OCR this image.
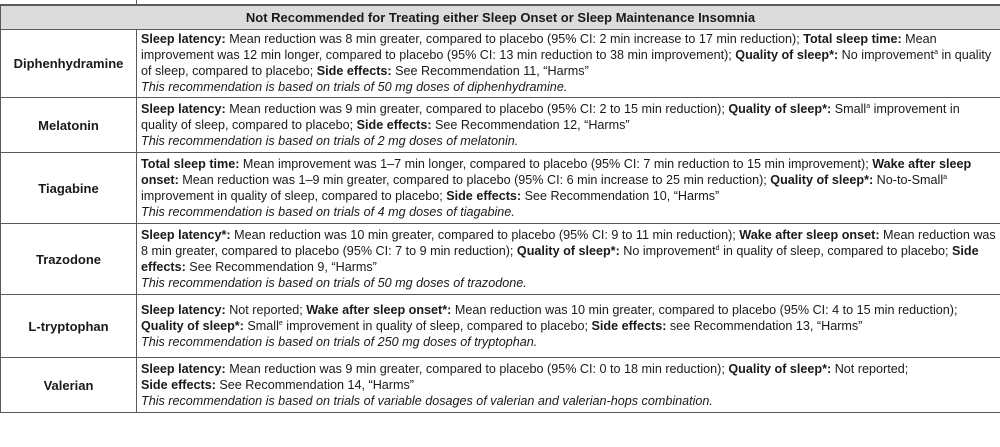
Not Recommended for Treating either Sleep Onset or Sleep Maintenance Insomnia	
Diphenhydramine	Sleep latency: Mean reduction was 8 min greater, compared to placebo (95% CI: 2 min increase to 17 min reduction); Total sleep time: Mean improvement was 12 min longer, compared to placebo (95% CI: 13 min reduction to 38 min improvement); Quality of sleep*: No improvement$^a$ in quality of sleep, compared to placebo; Side effects: See Recommendation 11, “Harms”
This recommendation is based on trials of 50 mg doses of diphenhydramine.

Melatonin	Sleep latency: Mean reduction was 9 min greater, compared to placebo (95% CI: 2 to 15 min reduction); Quality of sleep*: Small$^a$ improvement in quality of sleep, compared to placebo; Side effects: See Recommendation 12, “Harms”
This recommendation is based on trials of 2 mg doses of melatonin.

Tiagabine	Total sleep time: Mean improvement was 1–7 min longer, compared to placebo (95% CI: 7 min reduction to 15 min improvement); Wake after sleep onset: Mean reduction was 1–9 min greater, compared to placebo (95% CI: 6 min increase to 25 min reduction); Quality of sleep*: No-to-Small$^a$ improvement in quality of sleep, compared to placebo; Side effects: See Recommendation 10, “Harms”
This recommendation is based on trials of 4 mg doses of tiagabine.

Trazodone	Sleep latency*: Mean reduction was 10 min greater, compared to placebo (95% CI: 9 to 11 min reduction); Wake after sleep onset: Mean reduction was 8 min greater, compared to placebo (95% CI: 7 to 9 min reduction); Quality of sleep*: No improvement$^d$ in quality of sleep, compared to placebo; Side effects: See Recommendation 9, “Harms”
This recommendation is based on trials of 50 mg doses of trazodone.

L-tryptophan	Sleep latency: Not reported; Wake after sleep onset*: Mean reduction was 10 min greater, compared to placebo (95% CI: 4 to 15 min reduction); Quality of sleep*: Small$^e$ improvement in quality of sleep, compared to placebo; Side effects: see Recommendation 13, “Harms”
This recommendation is based on trials of 250 mg doses of tryptophan.

Valerian	Sleep latency: Mean reduction was 9 min greater, compared to placebo (95% CI: 0 to 18 min reduction); Quality of sleep*: Not reported;
Side effects: See Recommendation 14, “Harms”
This recommendation is based on trials of variable dosages of valerian and valerian-hops combination.
